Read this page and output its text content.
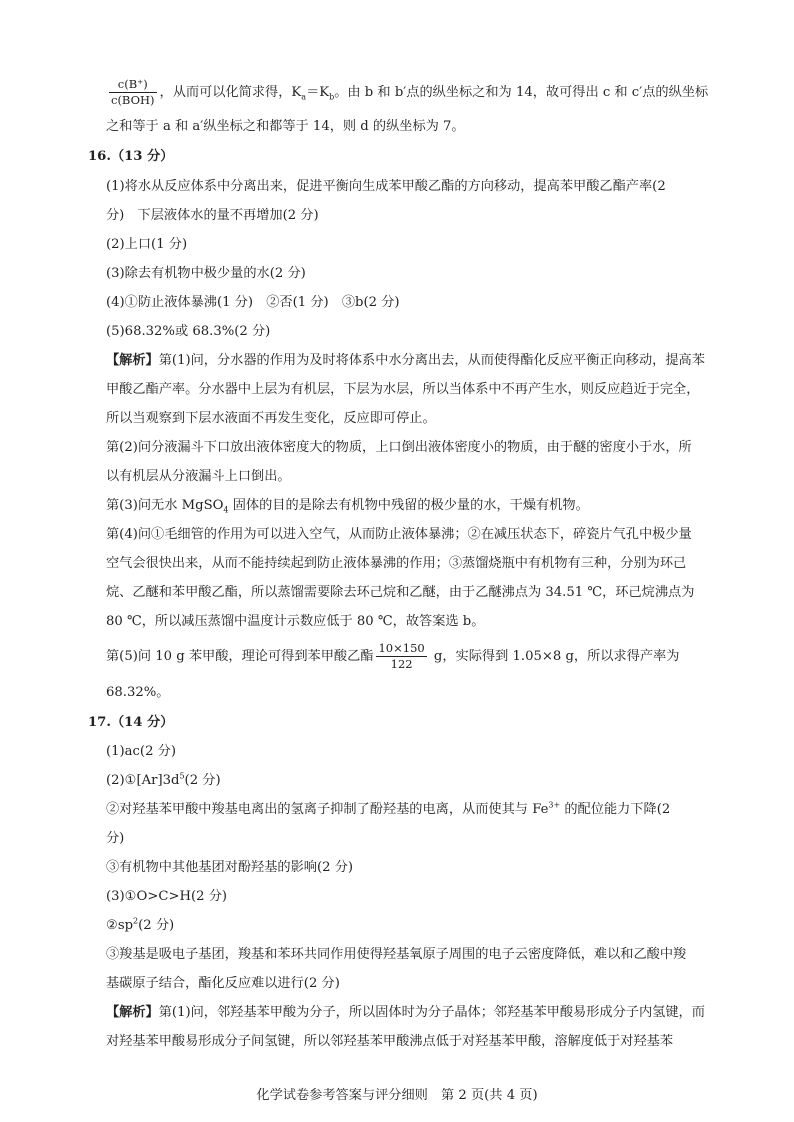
$\frac{c(B^+)}{\text{c(BOH)}}$ ，从而可以化简求得，$K_a=K_b$。由 b 和 b′点的纵坐标之和为 14，故可得出 c 和 c′点的纵坐标
之和等于 a 和 a′纵坐标之和都等于 14，则 d 的纵坐标为 7。
16.（13 分）
(1)将水从反应体系中分离出来，促进平衡向生成苯甲酸乙酯的方向移动，提高苯甲酸乙酯产率(2
分)　下层液体水的量不再增加(2 分)
(2)上口(1 分)
(3)除去有机物中极少量的水(2 分)
(4)①防止液体暴沸(1 分)　②否(1 分)　③b(2 分)
(5)68.32%或 68.3%(2 分)
【解析】第(1)问，分水器的作用为及时将体系中水分离出去，从而使得酯化反应平衡正向移动，提高苯
甲酸乙酯产率。分水器中上层为有机层，下层为水层，所以当体系中不再产生水，则反应趋近于完全，
所以当观察到下层水液面不再发生变化，反应即可停止。
第(2)问分液漏斗下口放出液体密度大的物质，上口倒出液体密度小的物质，由于醚的密度小于水，所
以有机层从分液漏斗上口倒出。
第(3)问无水 MgSO$_4$ 固体的目的是除去有机物中残留的极少量的水，干燥有机物。
第(4)问①毛细管的作用为可以进入空气，从而防止液体暴沸；②在减压状态下，碎瓷片气孔中极少量
空气会很快出来，从而不能持续起到防止液体暴沸的作用；③蒸馏烧瓶中有机物有三种，分别为环己
烷、乙醚和苯甲酸乙酯，所以蒸馏需要除去环己烷和乙醚，由于乙醚沸点为 34.51 ℃，环己烷沸点为
80 ℃，所以减压蒸馏中温度计示数应低于 80 ℃，故答案选 b。
第(5)问 10 g 苯甲酸，理论可得到苯甲酸乙酯 $\frac{10\times 150}{122}$ g，实际得到 1.05×8 g，所以求得产率为
68.32%。
17.（14 分）
(1)ac(2 分)
$(2)①[Ar]3d^5(2$ 分)
②对羟基苯甲酸中羧基电离出的氢离子抑制了酚羟基的电离，从而使其与 $Fe^{3+}$ 的配位能力下降(2
分)
③有机物中其他基团对酚羟基的影响(2 分)
(3)①O>C>H(2 分)
$②sp^2(2$ 分)
③羧基是吸电子基团，羧基和苯环共同作用使得羟基氧原子周围的电子云密度降低，难以和乙酸中羧
基碳原子结合，酯化反应难以进行(2 分)
【解析】第(1)问，邻羟基苯甲酸为分子，所以固体时为分子晶体；邻羟基苯甲酸易形成分子内氢键，而
对羟基苯甲酸易形成分子间氢键，所以邻羟基苯甲酸沸点低于对羟基苯甲酸，溶解度低于对羟基苯
化学试卷参考答案与评分细则　第 2 页(共 4 页)
